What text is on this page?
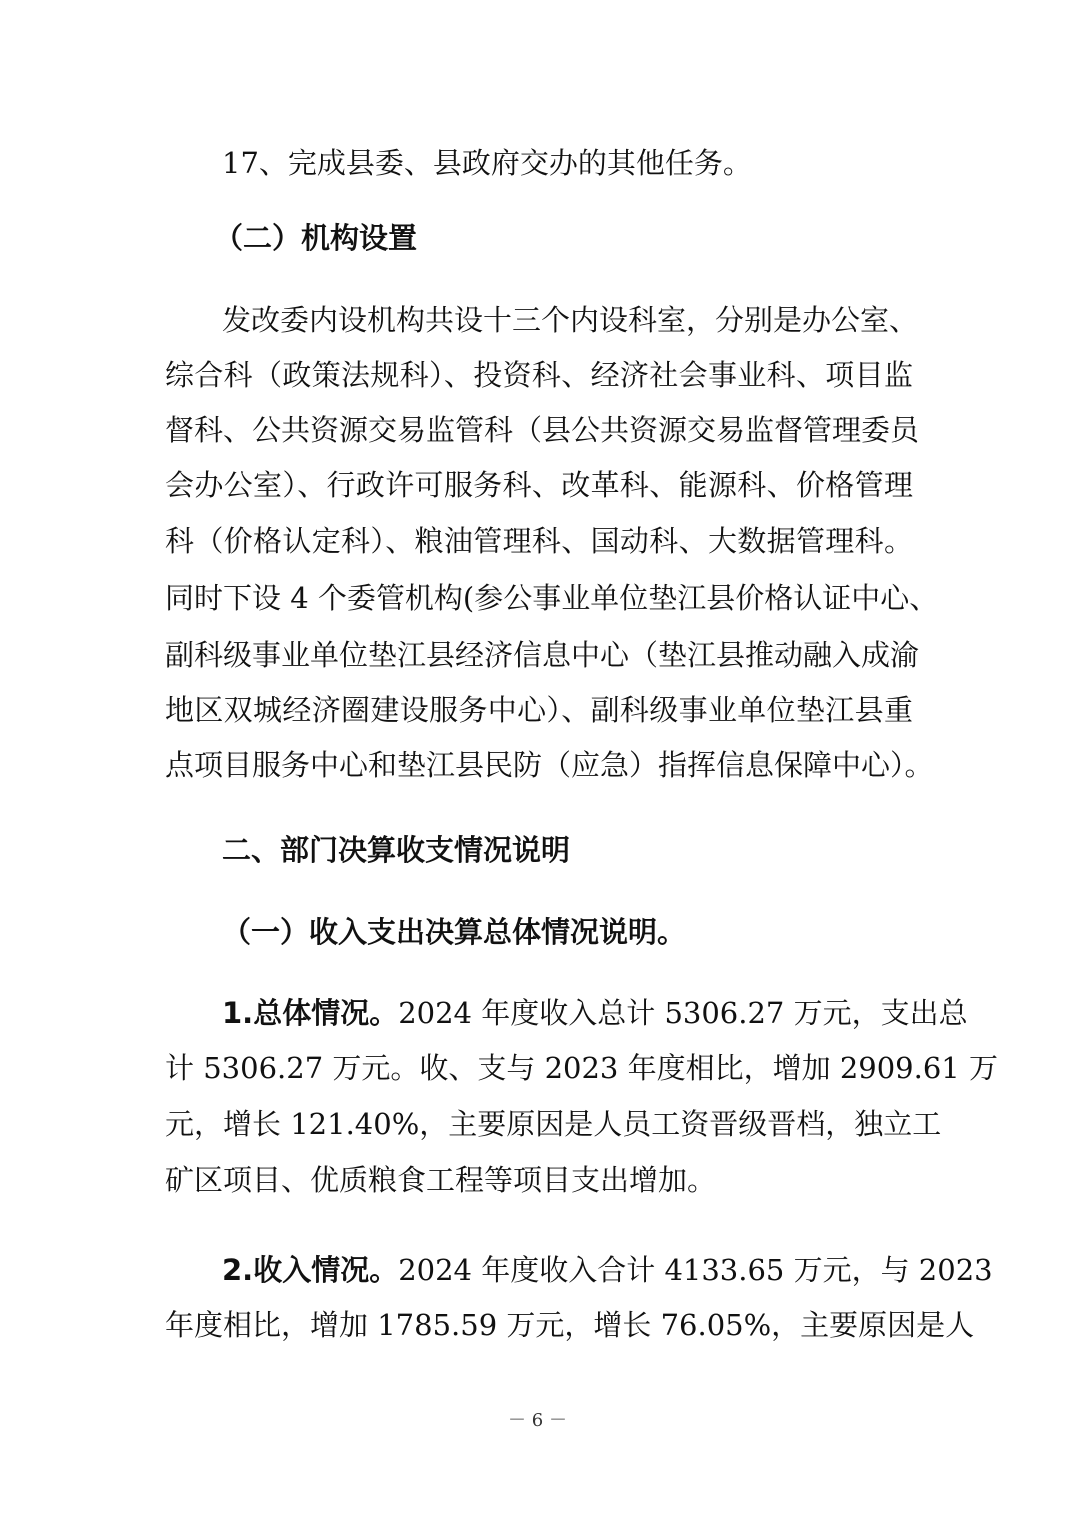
17、完成县委、县政府交办的其他任务。
（二）机构设置
发改委内设机构共设十三个内设科室，分别是办公室、
综合科（政策法规科）、投资科、经济社会事业科、项目监
督科、公共资源交易监管科（县公共资源交易监督管理委员
会办公室）、行政许可服务科、改革科、能源科、价格管理
科（价格认定科）、粮油管理科、国动科、大数据管理科。
同时下设 4 个委管机构(参公事业单位垫江县价格认证中心、
副科级事业单位垫江县经济信息中心（垫江县推动融入成渝
地区双城经济圈建设服务中心）、副科级事业单位垫江县重
点项目服务中心和垫江县民防（应急）指挥信息保障中心）。
二、部门决算收支情况说明
（一）收入支出决算总体情况说明。
1.总体情况。 2024 年度收入总计 5306.27 万元，支出总
计 5306.27 万元。收、支与 2023 年度相比，增加 2909.61 万
元，增长 121.40%，主要原因是人员工资晋级晋档，独立工
矿区项目、优质粮食工程等项目支出增加。
2.收入情况。 2024 年度收入合计 4133.65 万元，与 2023
年度相比，增加 1785.59 万元，增长 76.05%，主要原因是人
－ 6 －
